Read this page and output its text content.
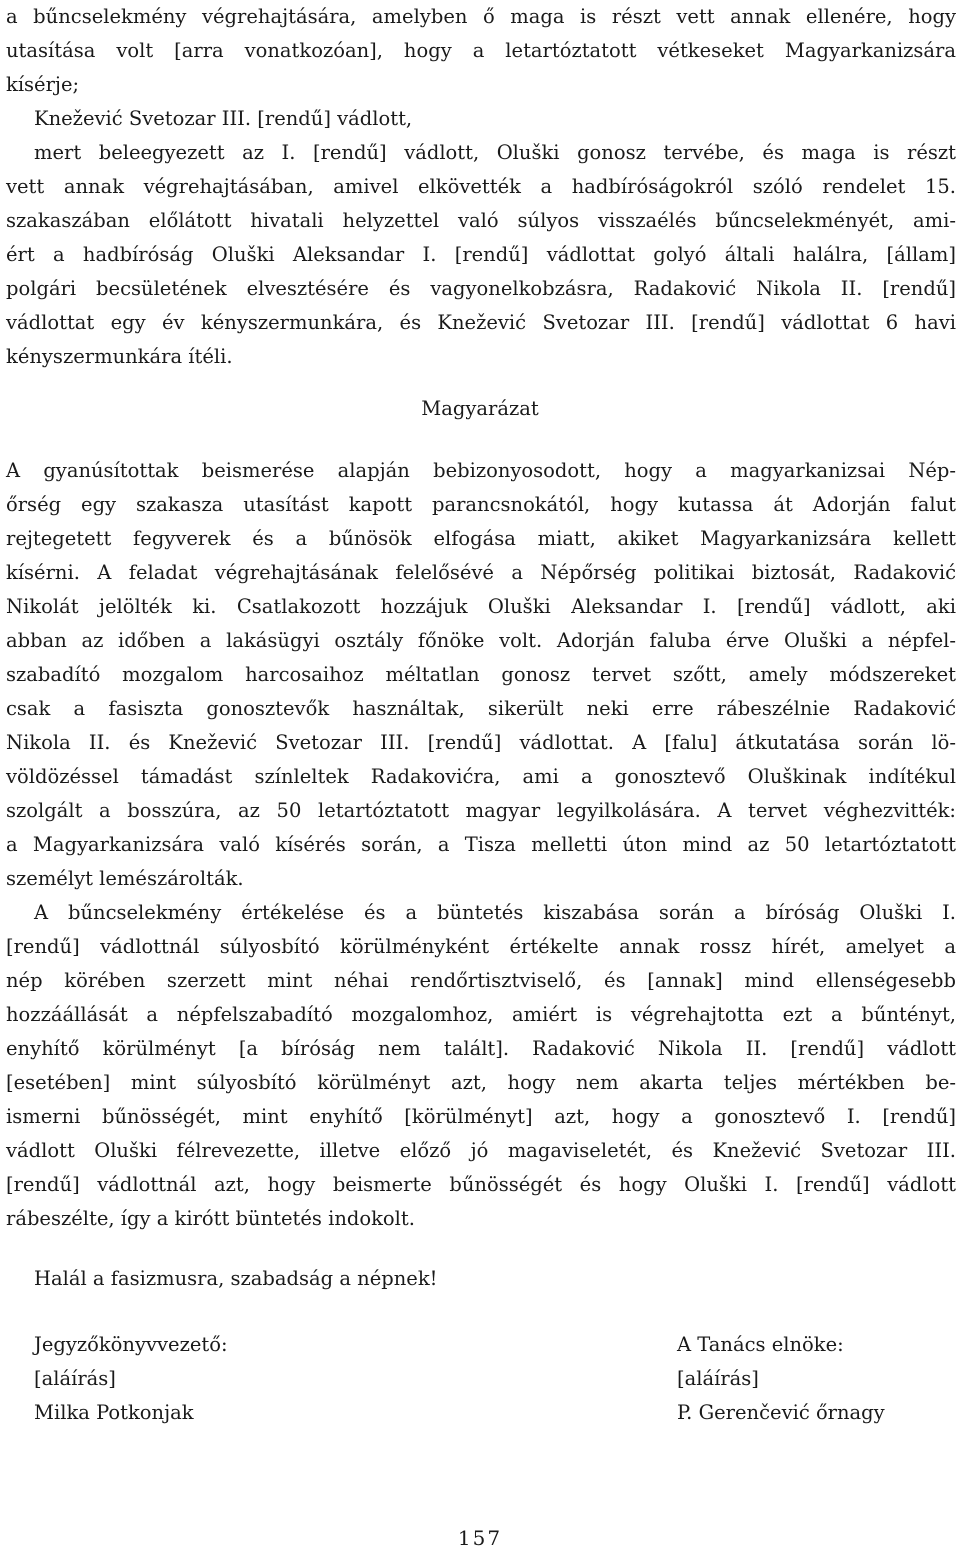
a bűncselekmény végrehajtására, amelyben ő maga is részt vett annak ellenére, hogy
utasítása volt [arra vonatkozóan], hogy a letartóztatott vétkeseket Magyarkanizsára
kísérje;
Knežević Svetozar III. [rendű] vádlott,
mert beleegyezett az I. [rendű] vádlott, Oluški gonosz tervébe, és maga is részt
vett annak végrehajtásában, amivel elkövették a hadbíróságokról szóló rendelet 15.
szakaszában előlátott hivatali helyzettel való súlyos visszaélés bűncselekményét, ami-
ért a hadbíróság Oluški Aleksandar I. [rendű] vádlottat golyó általi halálra, [állam]
polgári becsületének elvesztésére és vagyonelkobzásra, Radaković Nikola II. [rendű]
vádlottat egy év kényszermunkára, és Knežević Svetozar III. [rendű] vádlottat 6 havi
kényszermunkára ítéli.
Magyarázat
A gyanúsítottak beismerése alapján bebizonyosodott, hogy a magyarkanizsai Nép-
őrség egy szakasza utasítást kapott parancsnokától, hogy kutassa át Adorján falut
rejtegetett fegyverek és a bűnösök elfogása miatt, akiket Magyarkanizsára kellett
kísérni. A feladat végrehajtásának felelősévé a Népőrség politikai biztosát, Radaković
Nikolát jelölték ki. Csatlakozott hozzájuk Oluški Aleksandar I. [rendű] vádlott, aki
abban az időben a lakásügyi osztály főnöke volt. Adorján faluba érve Oluški a népfel-
szabadító mozgalom harcosaihoz méltatlan gonosz tervet szőtt, amely módszereket
csak a fasiszta gonosztevők használtak, sikerült neki erre rábeszélnie Radaković
Nikola II. és Knežević Svetozar III. [rendű] vádlottat. A [falu] átkutatása során lö-
völdözéssel támadást színleltek Radakovićra, ami a gonosztevő Oluškinak indítékul
szolgált a bosszúra, az 50 letartóztatott magyar legyilkolására. A tervet véghezvitték:
a Magyarkanizsára való kísérés során, a Tisza melletti úton mind az 50 letartóztatott
személyt lemészárolták.
A bűncselekmény értékelése és a büntetés kiszabása során a bíróság Oluški I.
[rendű] vádlottnál súlyosbító körülményként értékelte annak rossz hírét, amelyet a
nép körében szerzett mint néhai rendőrtisztviselő, és [annak] mind ellenségesebb
hozzáállását a népfelszabadító mozgalomhoz, amiért is végrehajtotta ezt a bűntényt,
enyhítő körülményt [a bíróság nem talált]. Radaković Nikola II. [rendű] vádlott
[esetében] mint súlyosbító körülményt azt, hogy nem akarta teljes mértékben be-
ismerni bűnösségét, mint enyhítő [körülményt] azt, hogy a gonosztevő I. [rendű]
vádlott Oluški félrevezette, illetve előző jó magaviseletét, és Knežević Svetozar III.
[rendű] vádlottnál azt, hogy beismerte bűnösségét és hogy Oluški I. [rendű] vádlott
rábeszélte, így a kirótt büntetés indokolt.
Halál a fasizmusra, szabadság a népnek!
Jegyzőkönyvvezető:
[aláírás]
Milka Potkonjak
A Tanács elnöke:
[aláírás]
P. Gerenčević őrnagy
157
